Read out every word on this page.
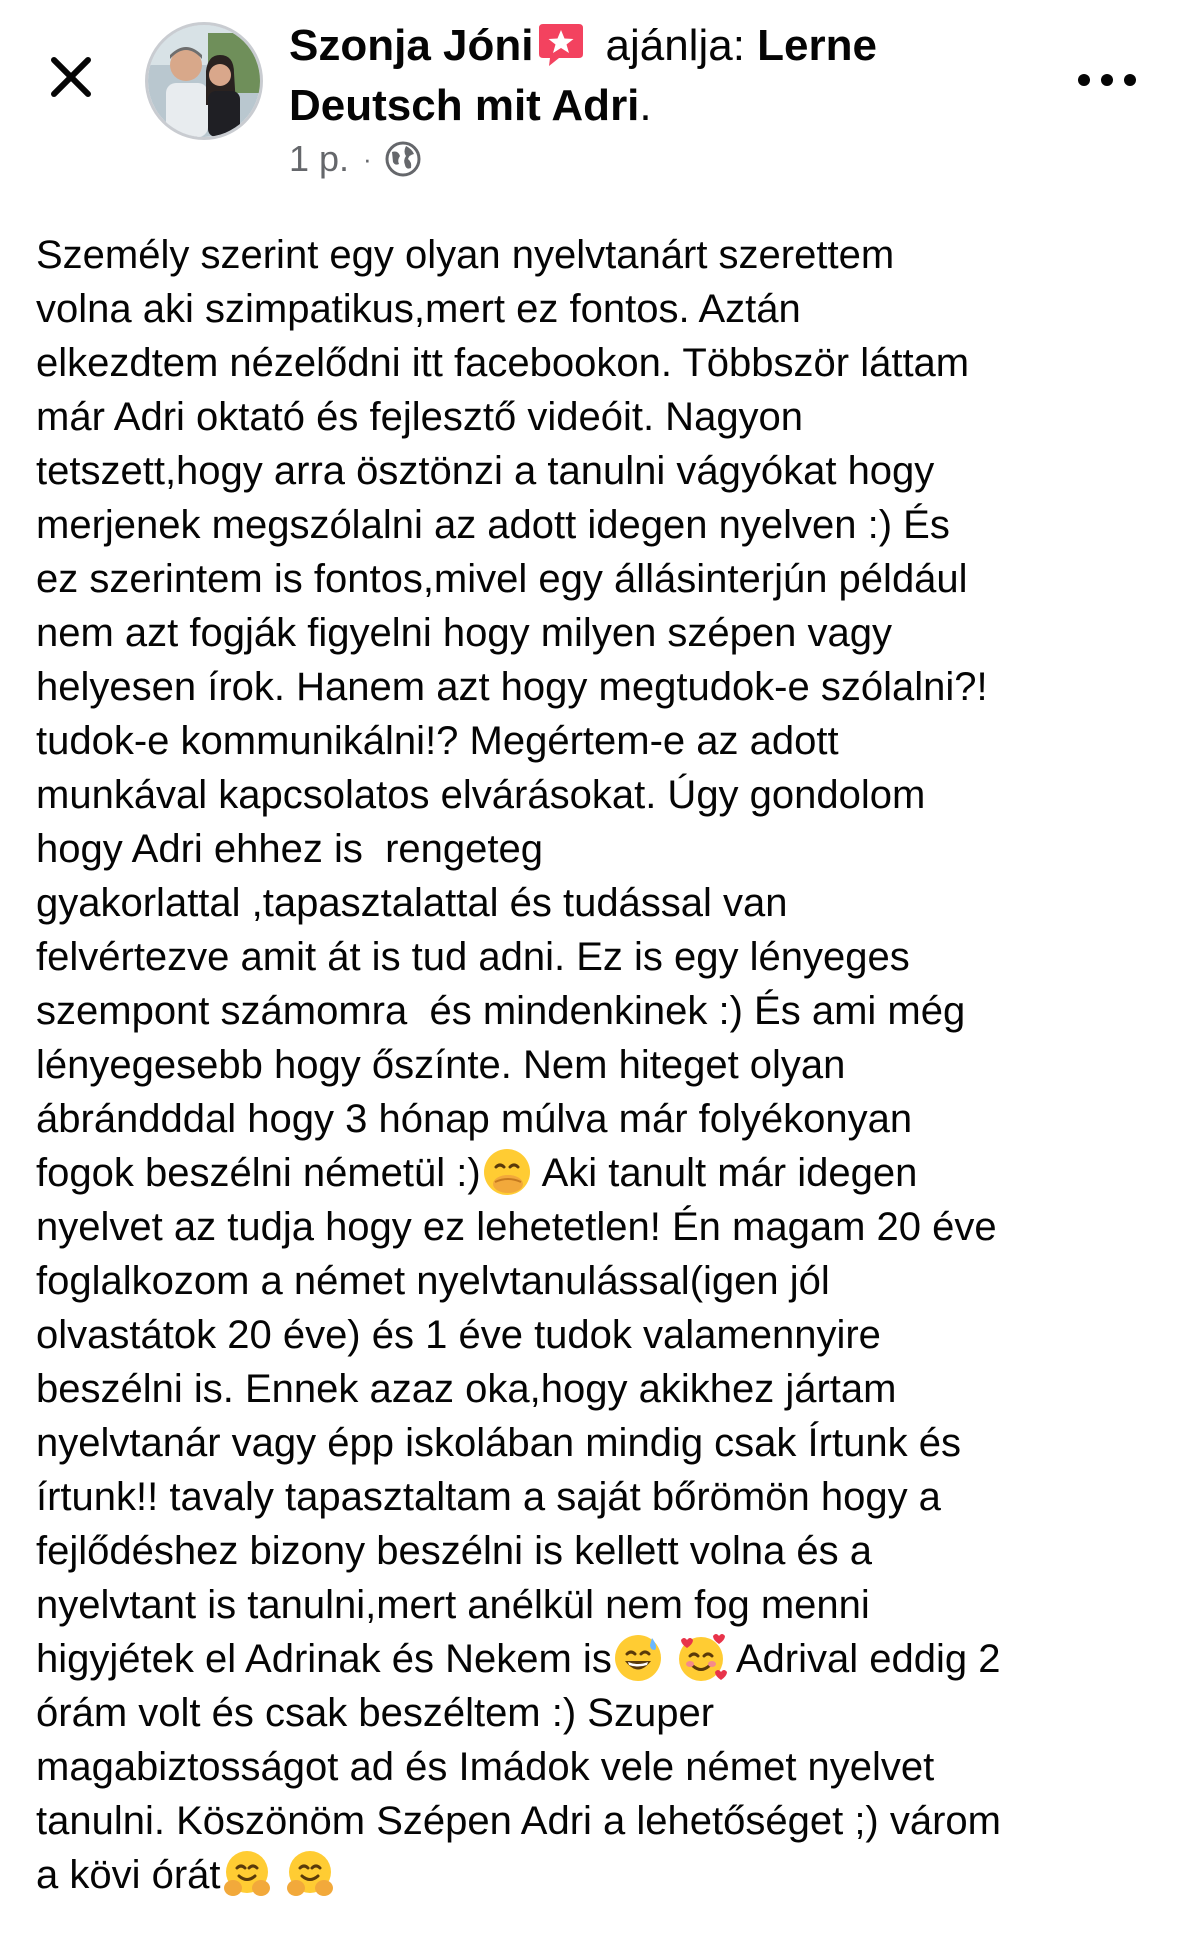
Szonja Jóni ajánlja: Lerne
Deutsch mit Adri.
1 p. ·
Személy szerint egy olyan nyelvtanárt szerettem
volna aki szimpatikus,mert ez fontos. Aztán
elkezdtem nézelődni itt facebookon. Többször láttam
már Adri oktató és fejlesztő videóit. Nagyon
tetszett,hogy arra ösztönzi a tanulni vágyókat hogy
merjenek megszólalni az adott idegen nyelven :) És
ez szerintem is fontos,mivel egy állásinterjún például
nem azt fogják figyelni hogy milyen szépen vagy
helyesen írok. Hanem azt hogy megtudok-e szólalni?!
tudok-e kommunikálni!? Megértem-e az adott
munkával kapcsolatos elvárásokat. Úgy gondolom
hogy Adri ehhez is  rengeteg
gyakorlattal ,tapasztalattal és tudással van
felvértezve amit át is tud adni. Ez is egy lényeges
szempont számomra  és mindenkinek :) És ami még
lényegesebb hogy őszínte. Nem hiteget olyan
ábrándddal hogy 3 hónap múlva már folyékonyan
fogok beszélni németül :)
Aki tanult már idegen
nyelvet az tudja hogy ez lehetetlen! Én magam 20 éve
foglalkozom a német nyelvtanulással(igen jól
olvastátok 20 éve) és 1 éve tudok valamennyire
beszélni is. Ennek azaz oka,hogy akikhez jártam
nyelvtanár vagy épp iskolában mindig csak Írtunk és
írtunk!! tavaly tapasztaltam a saját bőrömön hogy a
fejlődéshez bizony beszélni is kellett volna és a
nyelvtant is tanulni,mert anélkül nem fog menni
higyjétek el Adrinak és Nekem is
	Adrival eddig 2
órám volt és csak beszéltem :) Szuper
magabiztosságot ad és Imádok vele német nyelvet
tanulni. Köszönöm Szépen Adri a lehetőséget ;) várom
a kövi órát
